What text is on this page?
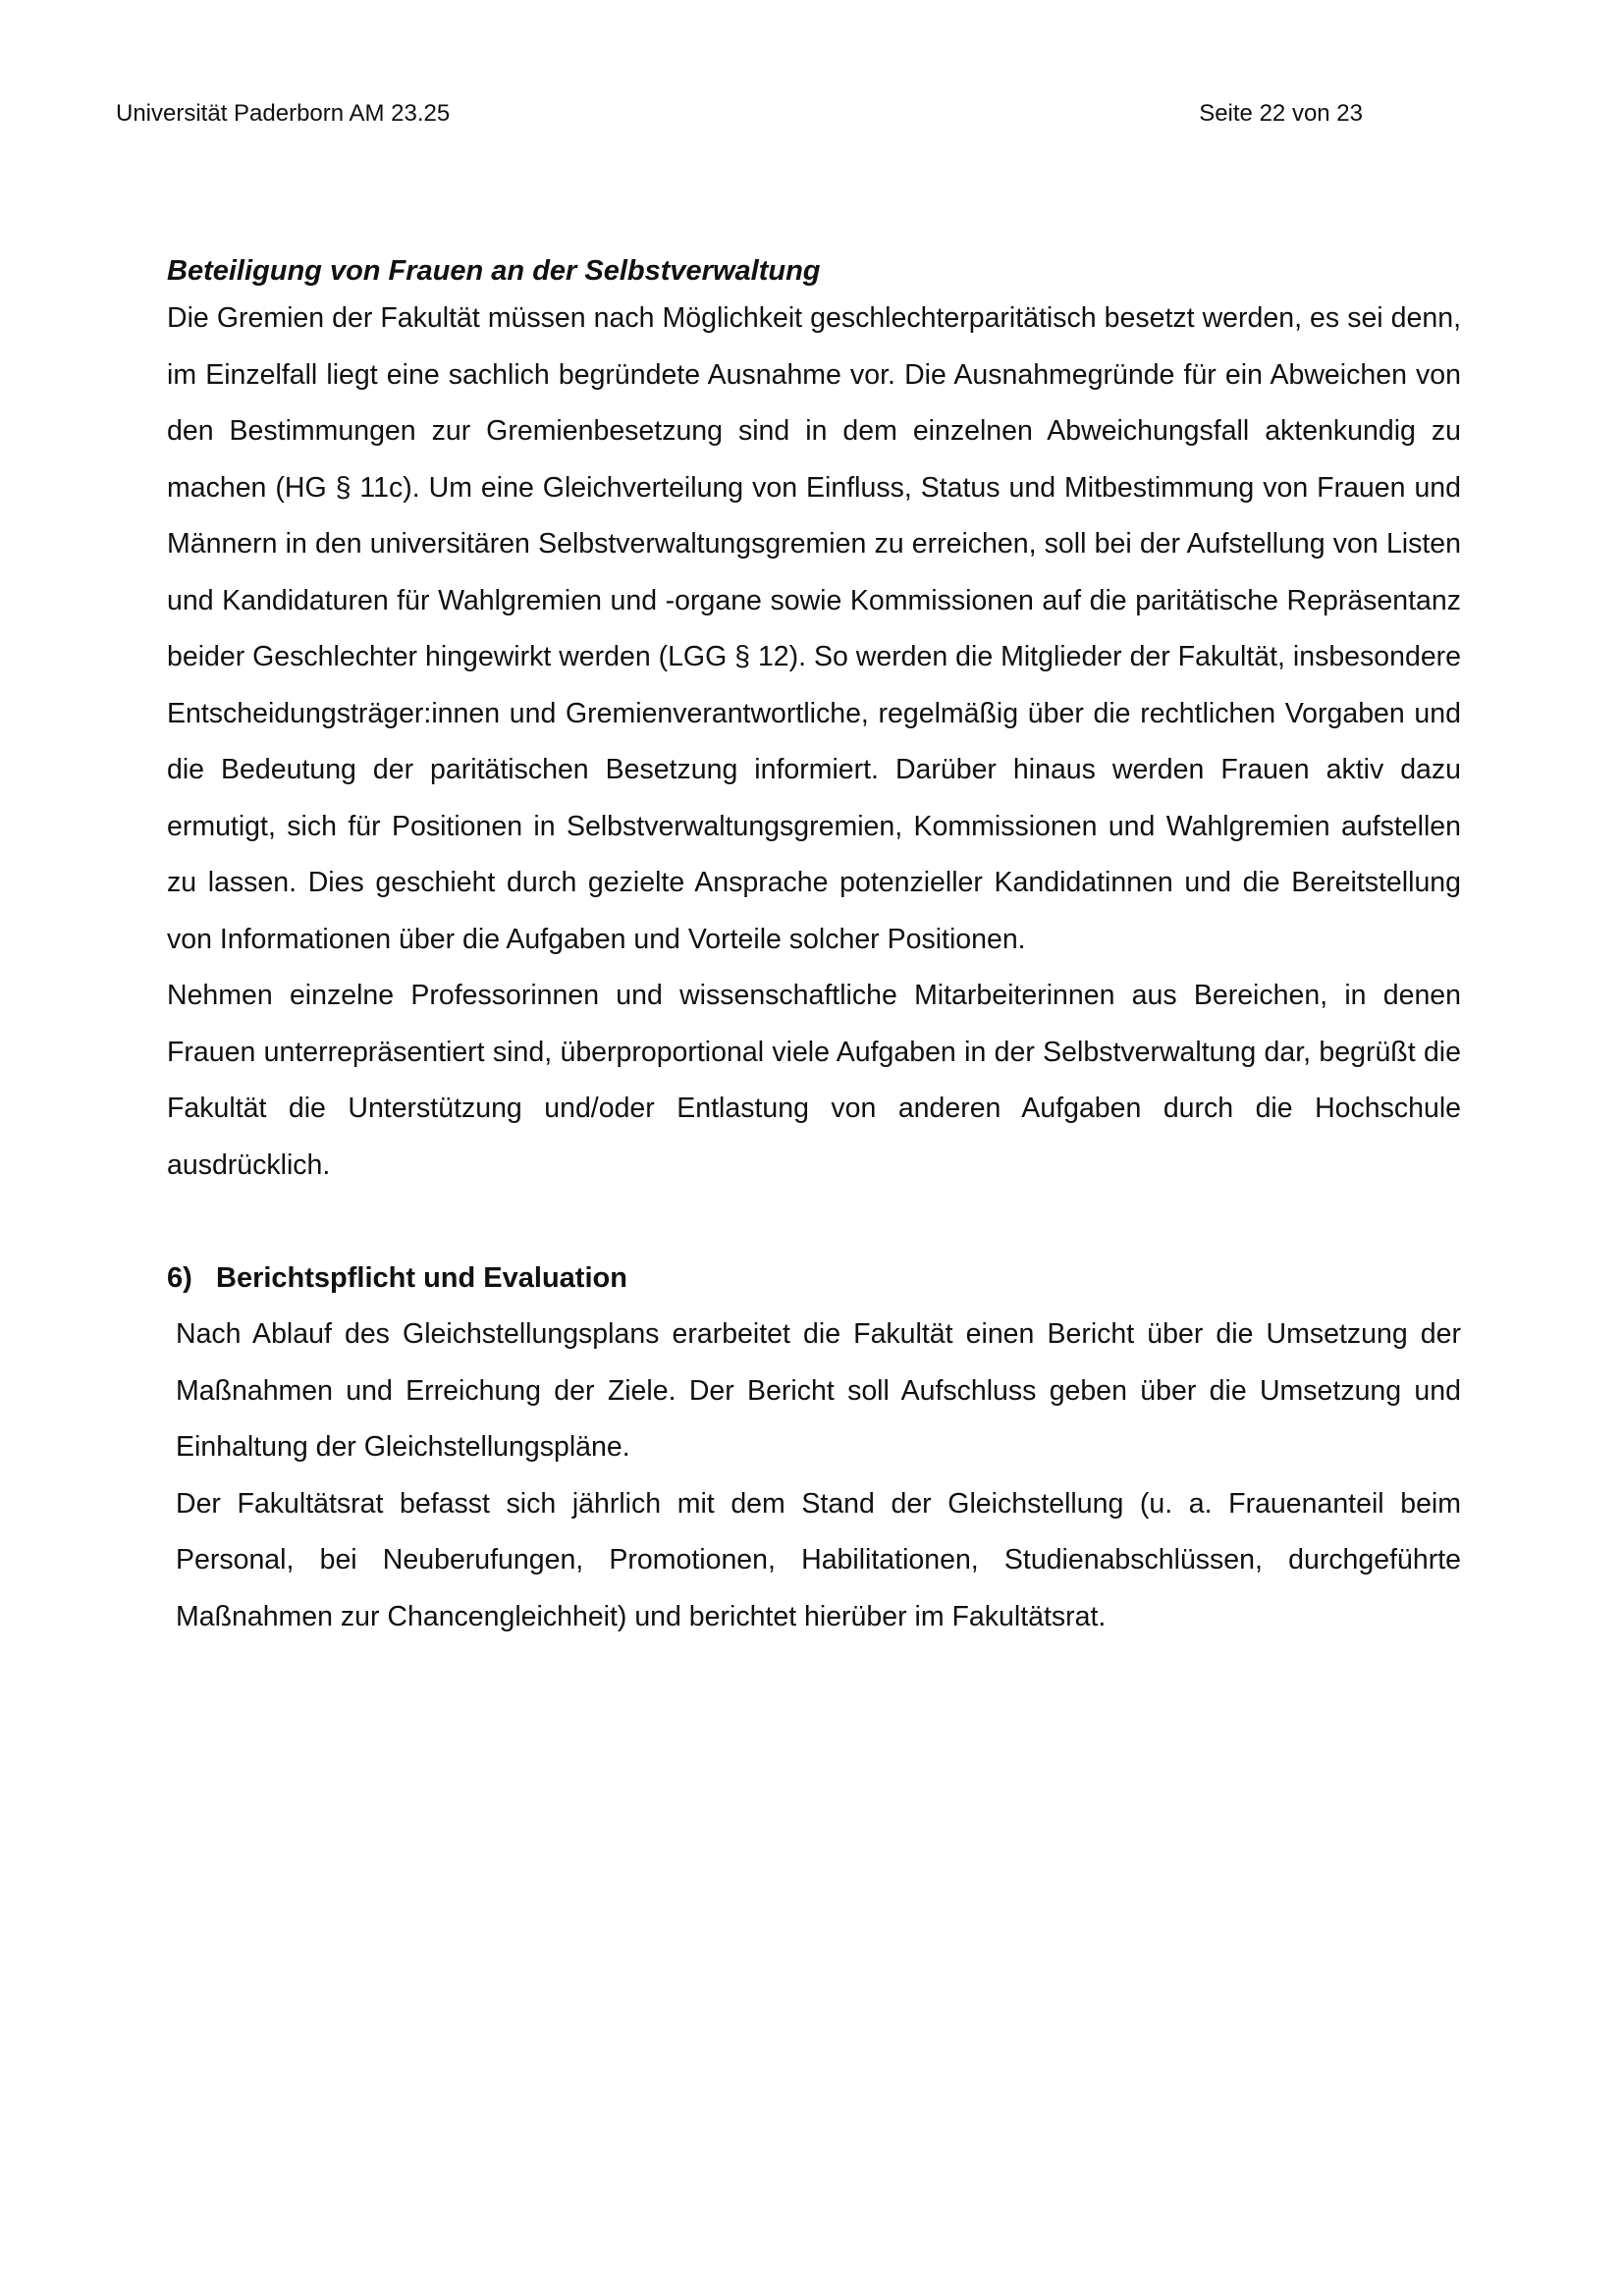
Universität Paderborn AM 23.25	Seite 22 von 23
Beteiligung von Frauen an der Selbstverwaltung

Die Gremien der Fakultät müssen nach Möglichkeit geschlechterparitätisch besetzt werden, es sei denn, im Einzelfall liegt eine sachlich begründete Ausnahme vor. Die Ausnahmegründe für ein Abweichen von den Bestimmungen zur Gremienbesetzung sind in dem einzelnen Abweichungsfall aktenkundig zu machen (HG § 11c). Um eine Gleichverteilung von Einfluss, Status und Mitbestimmung von Frauen und Männern in den universitären Selbstverwaltungsgremien zu erreichen, soll bei der Aufstellung von Listen und Kandidaturen für Wahlgremien und -organe sowie Kommissionen auf die paritätische Repräsentanz beider Geschlechter hingewirkt werden (LGG § 12). So werden die Mitglieder der Fakultät, insbesondere Entscheidungsträger:innen und Gremienverantwortliche, regelmäßig über die rechtlichen Vorgaben und die Bedeutung der paritätischen Besetzung informiert. Darüber hinaus werden Frauen aktiv dazu ermutigt, sich für Positionen in Selbstverwaltungsgremien, Kommissionen und Wahlgremien aufstellen zu lassen. Dies geschieht durch gezielte Ansprache potenzieller Kandidatinnen und die Bereitstellung von Informationen über die Aufgaben und Vorteile solcher Positionen.

Nehmen einzelne Professorinnen und wissenschaftliche Mitarbeiterinnen aus Bereichen, in denen Frauen unterrepräsentiert sind, überproportional viele Aufgaben in der Selbstverwaltung dar, begrüßt die Fakultät die Unterstützung und/oder Entlastung von anderen Aufgaben durch die Hochschule ausdrücklich.

6) Berichtspflicht und Evaluation

Nach Ablauf des Gleichstellungsplans erarbeitet die Fakultät einen Bericht über die Umsetzung der Maßnahmen und Erreichung der Ziele. Der Bericht soll Aufschluss geben über die Umsetzung und Einhaltung der Gleichstellungspläne.

Der Fakultätsrat befasst sich jährlich mit dem Stand der Gleichstellung (u. a. Frauenanteil beim Personal, bei Neuberufungen, Promotionen, Habilitationen, Studienabschlüssen, durchgeführte Maßnahmen zur Chancengleichheit) und berichtet hierüber im Fakultätsrat.
